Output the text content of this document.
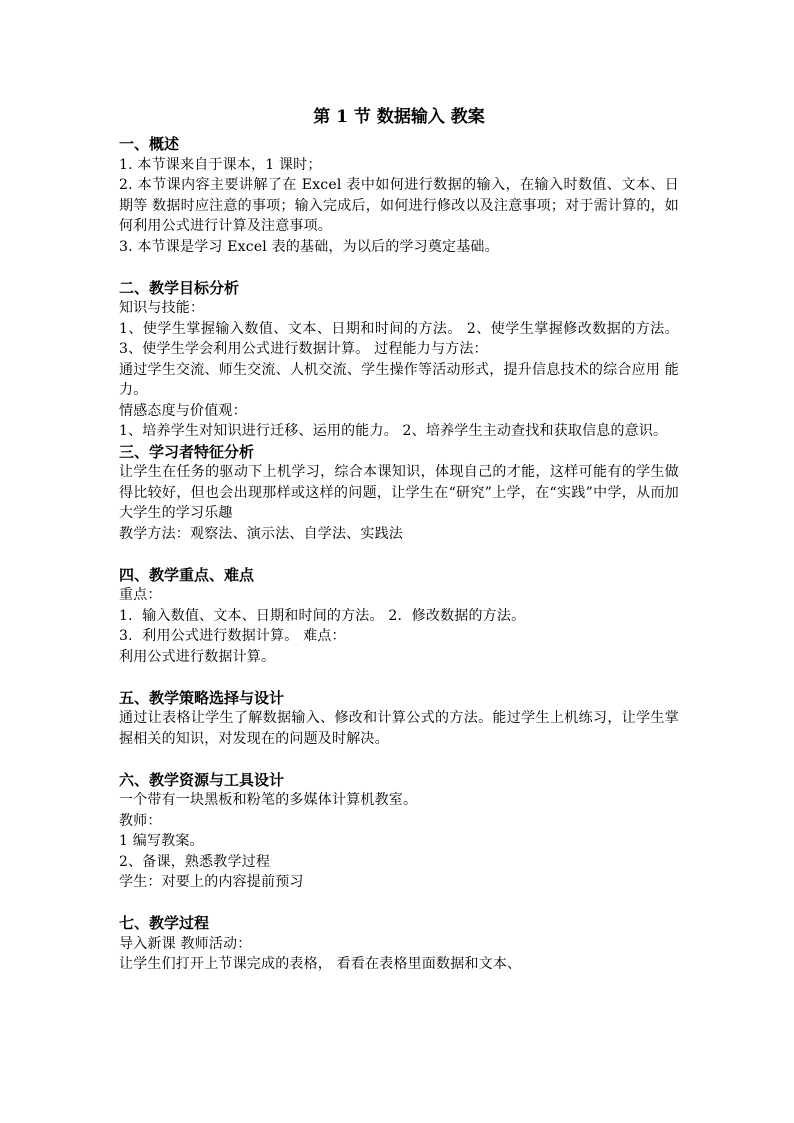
第 1 节 数据输入 教案
一、概述

1. 本节课来自于课本，1 课时；

2. 本节课内容主要讲解了在 Excel 表中如何进行数据的输入，在输入时数值、文本、日期等 数据时应注意的事项；输入完成后，如何进行修改以及注意事项；对于需计算的，如何利用公式进行计算及注意事项。

3. 本节课是学习 Excel 表的基础，为以后的学习奠定基础。

二、教学目标分析

知识与技能：

1、使学生掌握输入数值、文本、日期和时间的方法。 2、使学生掌握修改数据的方法。 3、使学生学会利用公式进行数据计算。 过程能力与方法：

通过学生交流、师生交流、人机交流、学生操作等活动形式，提升信息技术的综合应用 能力。

情感态度与价值观：

1、培养学生对知识进行迁移、运用的能力。 2、培养学生主动查找和获取信息的意识。

三、学习者特征分析

让学生在任务的驱动下上机学习，综合本课知识，体现自己的才能，这样可能有的学生做得比较好，但也会出现那样或这样的问题，让学生在“研究”上学，在“实践”中学，从而加大学生的学习乐趣

教学方法：观察法、演示法、自学法、实践法

四、教学重点、难点

重点：

1．输入数值、文本、日期和时间的方法。 2．修改数据的方法。

3．利用公式进行数据计算。 难点：

利用公式进行数据计算。

五、教学策略选择与设计

通过让表格让学生了解数据输入、修改和计算公式的方法。能过学生上机练习，让学生掌握相关的知识，对发现在的问题及时解决。

六、教学资源与工具设计

一个带有一块黑板和粉笔的多媒体计算机教室。

教师：

1 编写教案。

2、备课，熟悉教学过程

学生：对要上的内容提前预习

七、教学过程

导入新课 教师活动：

让学生们打开上节课完成的表格， 看看在表格里面数据和文本、
